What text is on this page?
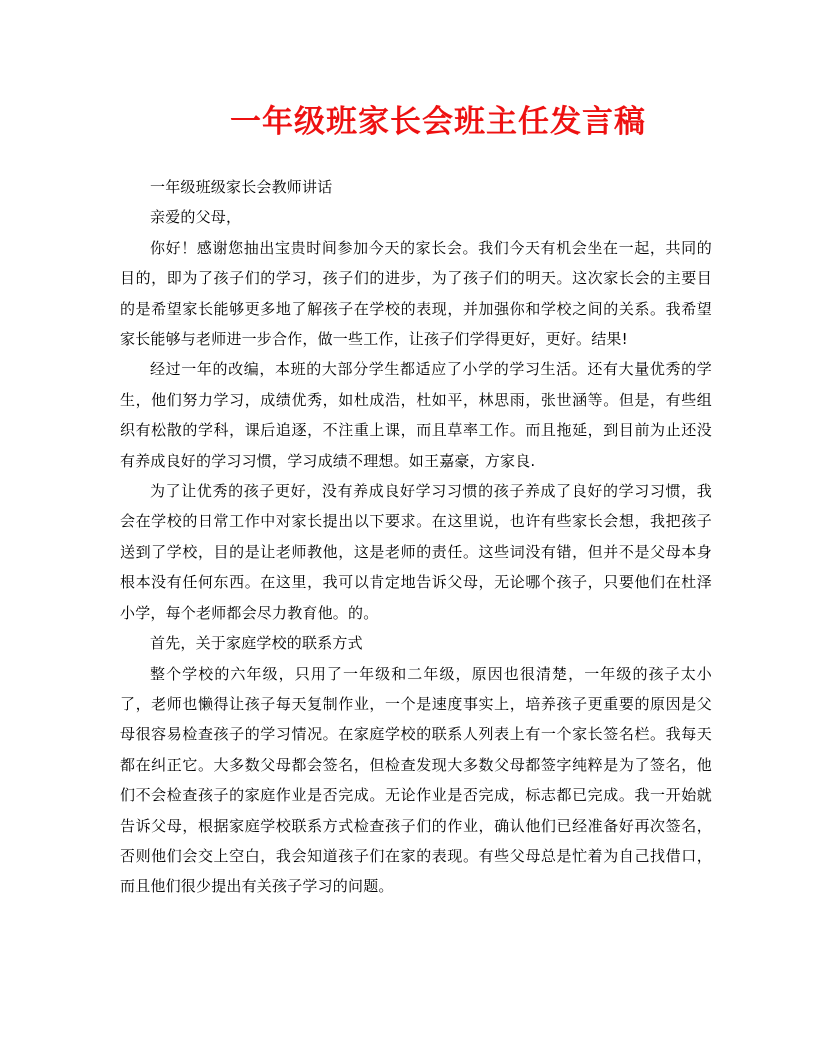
一年级班家长会班主任发言稿

一年级班级家长会教师讲话

亲爱的父母，

你好！感谢您抽出宝贵时间参加今天的家长会。我们今天有机会坐在一起，共同的目的，即为了孩子们的学习，孩子们的进步，为了孩子们的明天。这次家长会的主要目的是希望家长能够更多地了解孩子在学校的表现，并加强你和学校之间的关系。我希望家长能够与老师进一步合作，做一些工作，让孩子们学得更好，更好。结果!

经过一年的改编，本班的大部分学生都适应了小学的学习生活。还有大量优秀的学生，他们努力学习，成绩优秀，如杜成浩，杜如平，林思雨，张世涵等。但是，有些组织有松散的学科，课后追逐，不注重上课，而且草率工作。而且拖延，到目前为止还没有养成良好的学习习惯，学习成绩不理想。如王嘉豪，方家良.

为了让优秀的孩子更好，没有养成良好学习习惯的孩子养成了良好的学习习惯，我会在学校的日常工作中对家长提出以下要求。在这里说，也许有些家长会想，我把孩子送到了学校，目的是让老师教他，这是老师的责任。这些词没有错，但并不是父母本身根本没有任何东西。在这里，我可以肯定地告诉父母，无论哪个孩子，只要他们在杜泽小学，每个老师都会尽力教育他。的。

首先，关于家庭学校的联系方式

整个学校的六年级，只用了一年级和二年级，原因也很清楚，一年级的孩子太小了，老师也懒得让孩子每天复制作业，一个是速度事实上，培养孩子更重要的原因是父母很容易检查孩子的学习情况。在家庭学校的联系人列表上有一个家长签名栏。我每天都在纠正它。大多数父母都会签名，但检查发现大多数父母都签字纯粹是为了签名，他们不会检查孩子的家庭作业是否完成。无论作业是否完成，标志都已完成。我一开始就告诉父母，根据家庭学校联系方式检查孩子们的作业，确认他们已经准备好再次签名，否则他们会交上空白，我会知道孩子们在家的表现。有些父母总是忙着为自己找借口，而且他们很少提出有关孩子学习的问题。
